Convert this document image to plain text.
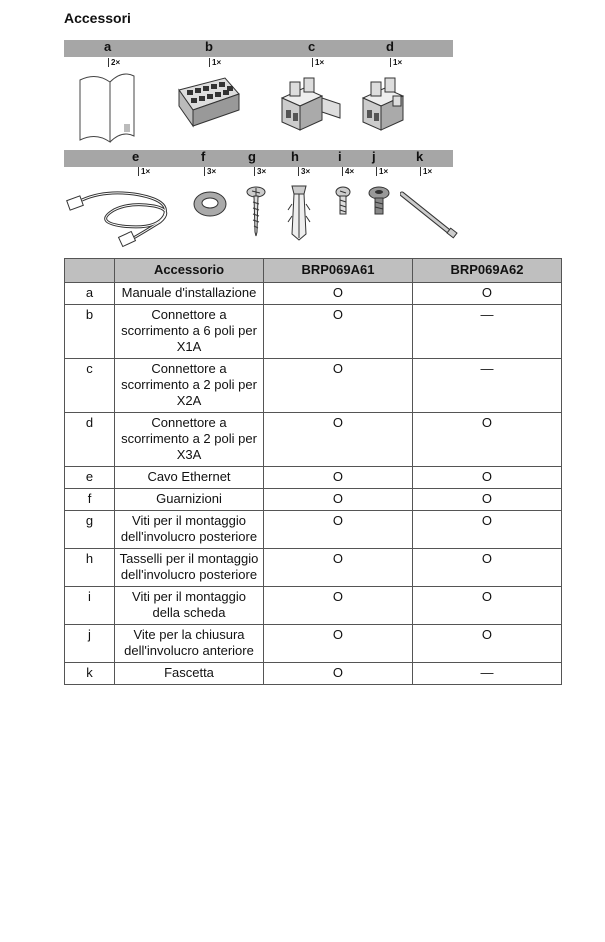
Accessori
a
2×
b
1×
c
1×
d
1×
e
1×
f
3×
g
3×
h
3×
i
4×
j
1×
k
1×
	Accessorio	BRP069A61	BRP069A62
a	Manuale d'installazione	O	O
b	Connettore a scorrimento a 6 poli per X1A	O	—
c	Connettore a scorrimento a 2 poli per X2A	O	—
d	Connettore a scorrimento a 2 poli per X3A	O	O
e	Cavo Ethernet	O	O
f	Guarnizioni	O	O
g	Viti per il montaggio dell'involucro posteriore	O	O
h	Tasselli per il montaggio dell'involucro posteriore	O	O
i	Viti per il montaggio della scheda	O	O
j	Vite per la chiusura dell'involucro anteriore	O	O
k	Fascetta	O	—
